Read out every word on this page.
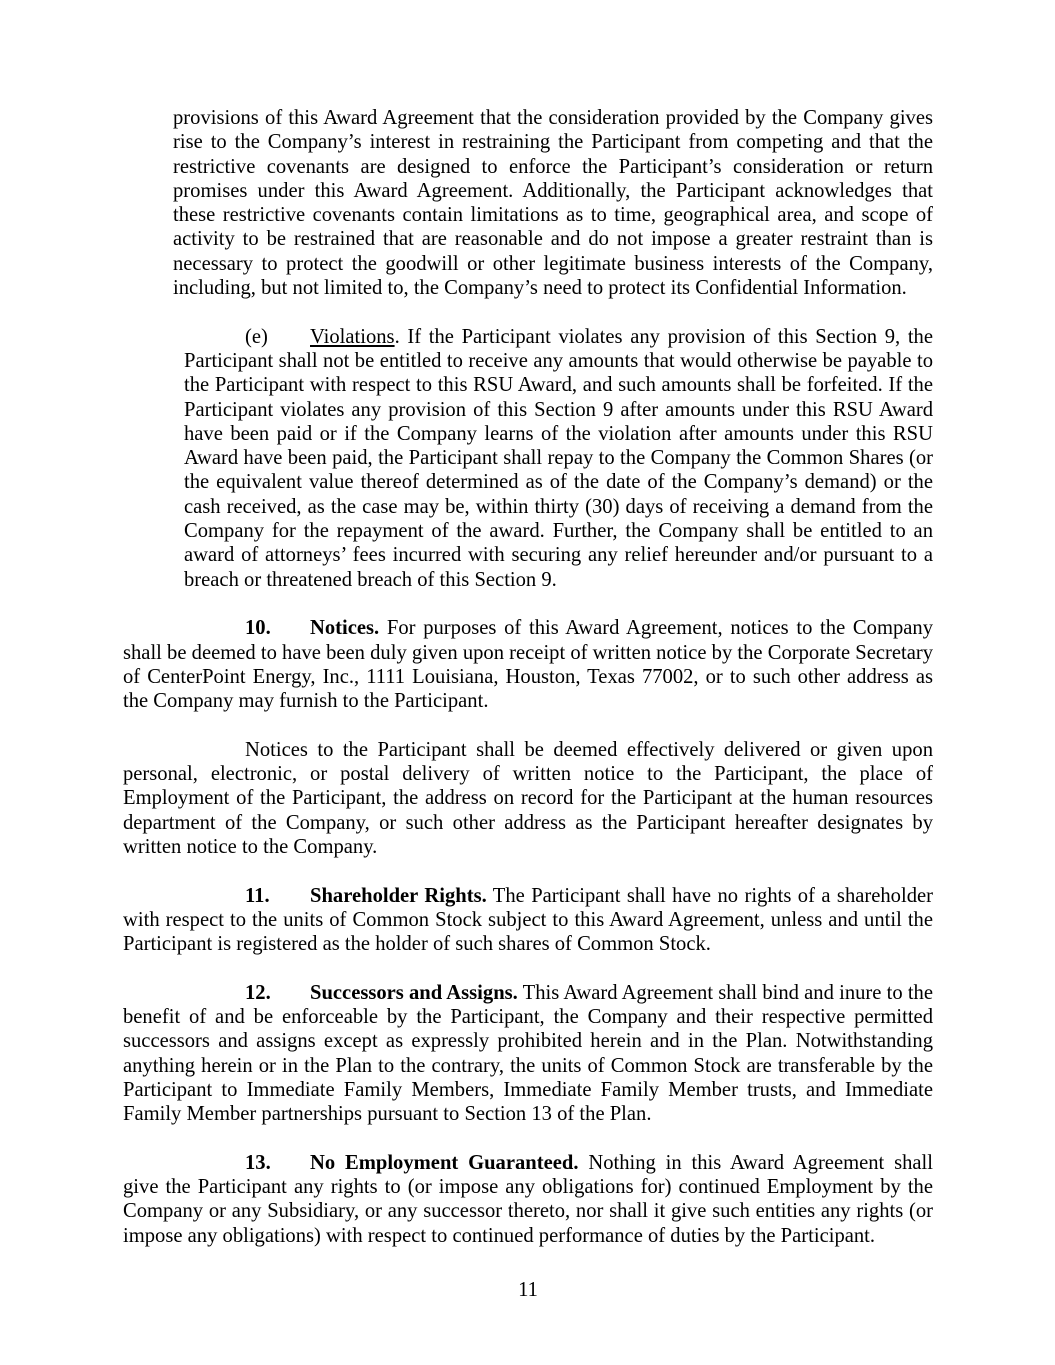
provisions of this Award Agreement that the consideration provided by the Company gives rise to the Company’s interest in restraining the Participant from competing and that the restrictive covenants are designed to enforce the Participant’s consideration or return promises under this Award Agreement. Additionally, the Participant acknowledges that these restrictive covenants contain limitations as to time, geographical area, and scope of activity to be restrained that are reasonable and do not impose a greater restraint than is necessary to protect the goodwill or other legitimate business interests of the Company, including, but not limited to, the Company’s need to protect its Confidential Information.

(e) Violations. If the Participant violates any provision of this Section 9, the Participant shall not be entitled to receive any amounts that would otherwise be payable to the Participant with respect to this RSU Award, and such amounts shall be forfeited. If the Participant violates any provision of this Section 9 after amounts under this RSU Award have been paid or if the Company learns of the violation after amounts under this RSU Award have been paid, the Participant shall repay to the Company the Common Shares (or the equivalent value thereof determined as of the date of the Company’s demand) or the cash received, as the case may be, within thirty (30) days of receiving a demand from the Company for the repayment of the award. Further, the Company shall be entitled to an award of attorneys’ fees incurred with securing any relief hereunder and/or pursuant to a breach or threatened breach of this Section 9.

10. Notices. For purposes of this Award Agreement, notices to the Company shall be deemed to have been duly given upon receipt of written notice by the Corporate Secretary of CenterPoint Energy, Inc., 1111 Louisiana, Houston, Texas 77002, or to such other address as the Company may furnish to the Participant.

Notices to the Participant shall be deemed effectively delivered or given upon personal, electronic, or postal delivery of written notice to the Participant, the place of Employment of the Participant, the address on record for the Participant at the human resources department of the Company, or such other address as the Participant hereafter designates by written notice to the Company.

11. Shareholder Rights. The Participant shall have no rights of a shareholder with respect to the units of Common Stock subject to this Award Agreement, unless and until the Participant is registered as the holder of such shares of Common Stock.

12. Successors and Assigns. This Award Agreement shall bind and inure to the benefit of and be enforceable by the Participant, the Company and their respective permitted successors and assigns except as expressly prohibited herein and in the Plan. Notwithstanding anything herein or in the Plan to the contrary, the units of Common Stock are transferable by the Participant to Immediate Family Members, Immediate Family Member trusts, and Immediate Family Member partnerships pursuant to Section 13 of the Plan.

13. No Employment Guaranteed. Nothing in this Award Agreement shall give the Participant any rights to (or impose any obligations for) continued Employment by the Company or any Subsidiary, or any successor thereto, nor shall it give such entities any rights (or impose any obligations) with respect to continued performance of duties by the Participant.

11
